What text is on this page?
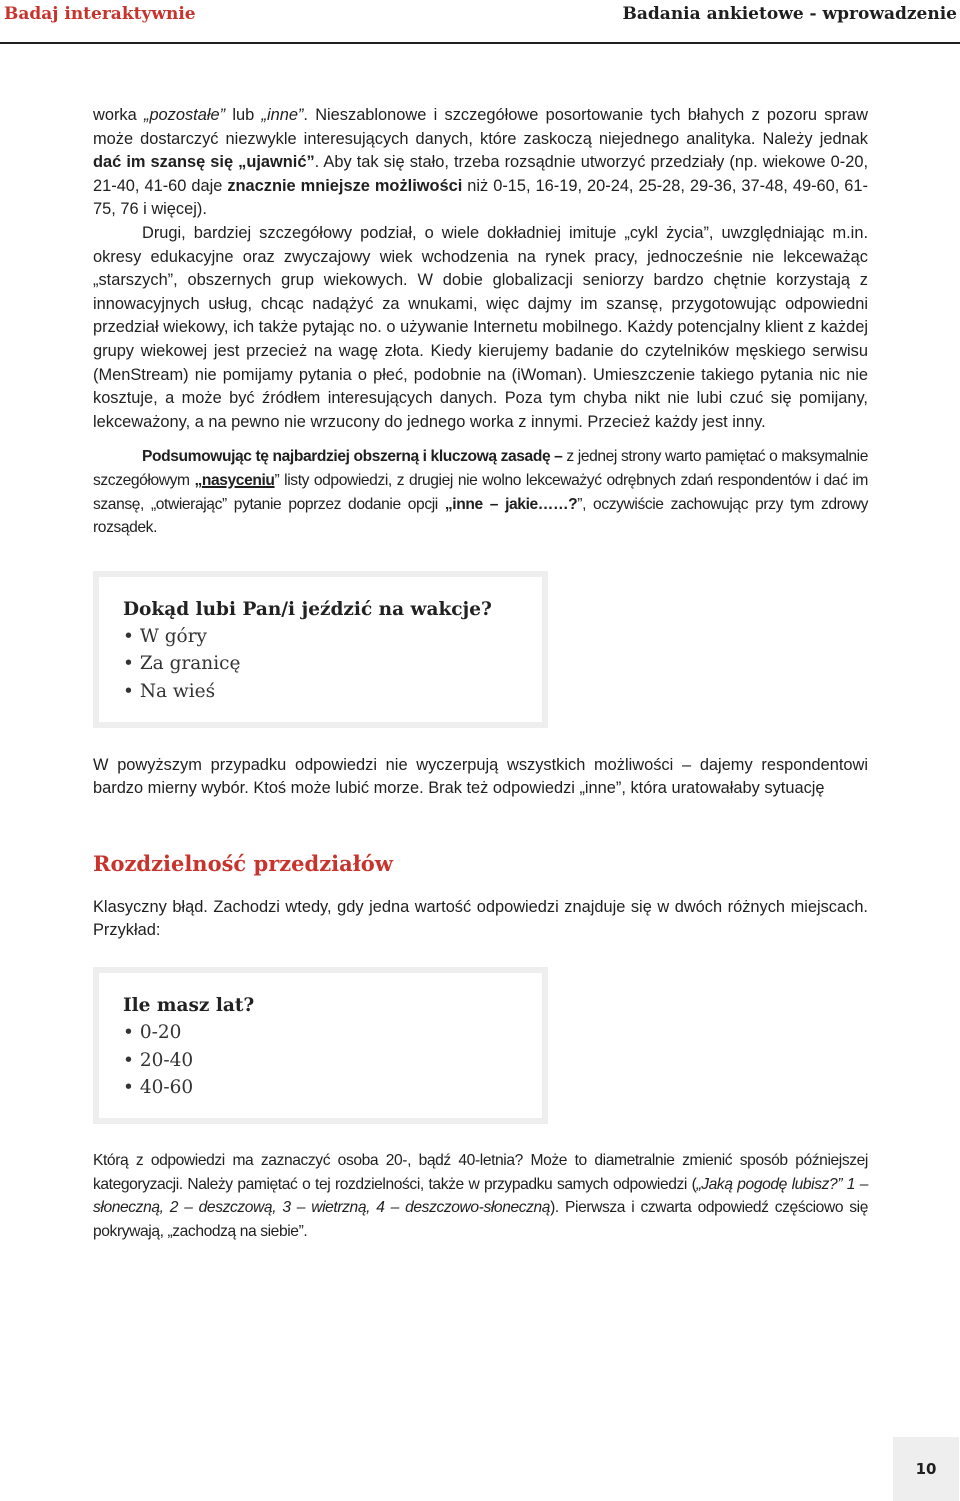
Badaj interaktywnie	Badania ankietowe - wprowadzenie

worka „pozostałe” lub „inne”. Nieszablonowe i szczegółowe posortowanie tych błahych z pozoru spraw może dostarczyć niezwykle interesujących danych, które zaskoczą niejednego analityka. Należy jednak dać im szansę się „ujawnić”. Aby tak się stało, trzeba rozsądnie utworzyć przedziały (np. wiekowe 0-20, 21-40, 41-60 daje znacznie mniejsze możliwości niż 0-15, 16-19, 20-24, 25-28, 29-36, 37-48, 49-60, 61-75, 76 i więcej).

Drugi, bardziej szczegółowy podział, o wiele dokładniej imituje „cykl życia”, uwzględniając m.in. okresy edukacyjne oraz zwyczajowy wiek wchodzenia na rynek pracy, jednocześnie nie lekceważąc „starszych”, obszernych grup wiekowych. W dobie globalizacji seniorzy bardzo chętnie korzystają z innowacyjnych usług, chcąc nadążyć za wnukami, więc dajmy im szansę, przygotowując odpowiedni przedział wiekowy, ich także pytając no. o używanie Internetu mobilnego. Każdy potencjalny klient z każdej grupy wiekowej jest przecież na wagę złota. Kiedy kierujemy badanie do czytelników męskiego serwisu (MenStream) nie pomijamy pytania o płeć, podobnie na (iWoman). Umieszczenie takiego pytania nic nie kosztuje, a może być źródłem interesujących danych. Poza tym chyba nikt nie lubi czuć się pomijany, lekceważony, a na pewno nie wrzucony do jednego worka z innymi. Przecież każdy jest inny.

Podsumowując tę najbardziej obszerną i kluczową zasadę – z jednej strony warto pamiętać o maksymalnie szczegółowym „nasyceniu” listy odpowiedzi, z drugiej nie wolno lekceważyć odrębnych zdań respondentów i dać im szansę, „otwierając” pytanie poprzez dodanie opcji „inne – jakie……?”, oczywiście zachowując przy tym zdrowy rozsądek.

Dokąd lubi Pan/i jeździć na wakcje?
• W góry
• Za granicę
• Na wieś

W powyższym przypadku odpowiedzi nie wyczerpują wszystkich możliwości – dajemy respondentowi bardzo mierny wybór. Ktoś może lubić morze. Brak też odpowiedzi „inne”, która uratowałaby sytuację

Rozdzielność przedziałów

Klasyczny błąd. Zachodzi wtedy, gdy jedna wartość odpowiedzi znajduje się w dwóch różnych miejscach. Przykład:

Ile masz lat?
• 0-20
• 20-40
• 40-60

Którą z odpowiedzi ma zaznaczyć osoba 20-, bądź 40-letnia? Może to diametralnie zmienić sposób późniejszej kategoryzacji. Należy pamiętać o tej rozdzielności, także w przypadku samych odpowiedzi („Jaką pogodę lubisz?” 1 – słoneczną, 2 – deszczową, 3 – wietrzną, 4 – deszczowo-słoneczną). Pierwsza i czwarta odpowiedź częściowo się pokrywają, „zachodzą na siebie”.

10
